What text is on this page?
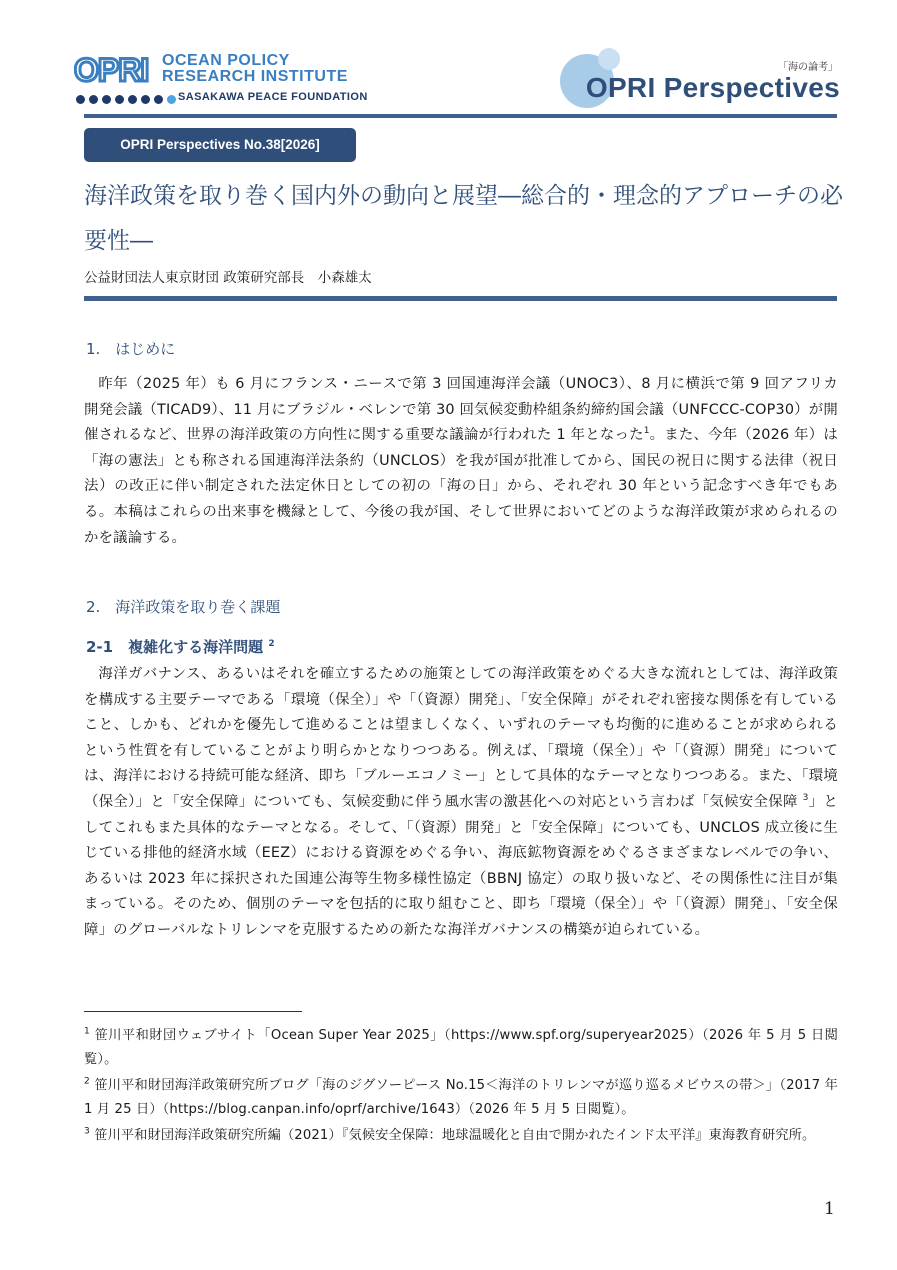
OPRI OCEAN POLICY
RESEARCH INSTITUTE
SASAKAWA PEACE FOUNDATION
「海の論考」
OPRI Perspectives
OPRI Perspectives No.38[2026]
海洋政策を取り巻く国内外の動向と展望―総合的・理念的アプローチの必要性―
公益財団法人東京財団 政策研究部長　小森雄太
1.　はじめに

昨年（2025 年）も 6 月にフランス・ニースで第 3 回国連海洋会議（UNOC3）、8 月に横浜で第 9 回アフリカ開発会議（TICAD9）、11 月にブラジル・ベレンで第 30 回気候変動枠組条約締約国会議（UNFCCC-COP30）が開催されるなど、世界の海洋政策の方向性に関する重要な議論が行われた 1 年となった$^1$。また、今年（2026 年）は「海の憲法」とも称される国連海洋法条約（UNCLOS）を我が国が批准してから、国民の祝日に関する法律（祝日法）の改正に伴い制定された法定休日としての初の「海の日」から、それぞれ 30 年という記念すべき年でもある。本稿はこれらの出来事を機縁として、今後の我が国、そして世界においてどのような海洋政策が求められるのかを議論する。

2.　海洋政策を取り巻く課題
2-1　複雑化する海洋問題 $^2$

海洋ガバナンス、あるいはそれを確立するための施策としての海洋政策をめぐる大きな流れとしては、海洋政策を構成する主要テーマである「環境（保全）」や「（資源）開発」、「安全保障」がそれぞれ密接な関係を有していること、しかも、どれかを優先して進めることは望ましくなく、いずれのテーマも均衡的に進めることが求められるという性質を有していることがより明らかとなりつつある。例えば、「環境（保全）」や「（資源）開発」については、海洋における持続可能な経済、即ち「ブルーエコノミー」として具体的なテーマとなりつつある。また、「環境（保全）」と「安全保障」についても、気候変動に伴う風水害の激甚化への対応という言わば「気候安全保障 $^3$」としてこれもまた具体的なテーマとなる。そして、「（資源）開発」と「安全保障」についても、UNCLOS 成立後に生じている排他的経済水域（EEZ）における資源をめぐる争い、海底鉱物資源をめぐるさまざまなレベルでの争い、あるいは 2023 年に採択された国連公海等生物多様性協定（BBNJ 協定）の取り扱いなど、その関係性に注目が集まっている。そのため、個別のテーマを包括的に取り組むこと、即ち「環境（保全）」や「（資源）開発」、「安全保障」のグローバルなトリレンマを克服するための新たな海洋ガバナンスの構築が迫られている。

$^1$ 笹川平和財団ウェブサイト「Ocean Super Year 2025」（https://www.spf.org/superyear2025）（2026 年 5 月 5 日閲覧）。

$^2$ 笹川平和財団海洋政策研究所ブログ「海のジグソーピース No.15＜海洋のトリレンマが巡り巡るメビウスの帯＞」（2017 年 1 月 25 日）（https://blog.canpan.info/oprf/archive/1643）（2026 年 5 月 5 日閲覧）。

$^3$ 笹川平和財団海洋政策研究所編（2021）『気候安全保障：地球温暖化と自由で開かれたインド太平洋』東海教育研究所。

1
